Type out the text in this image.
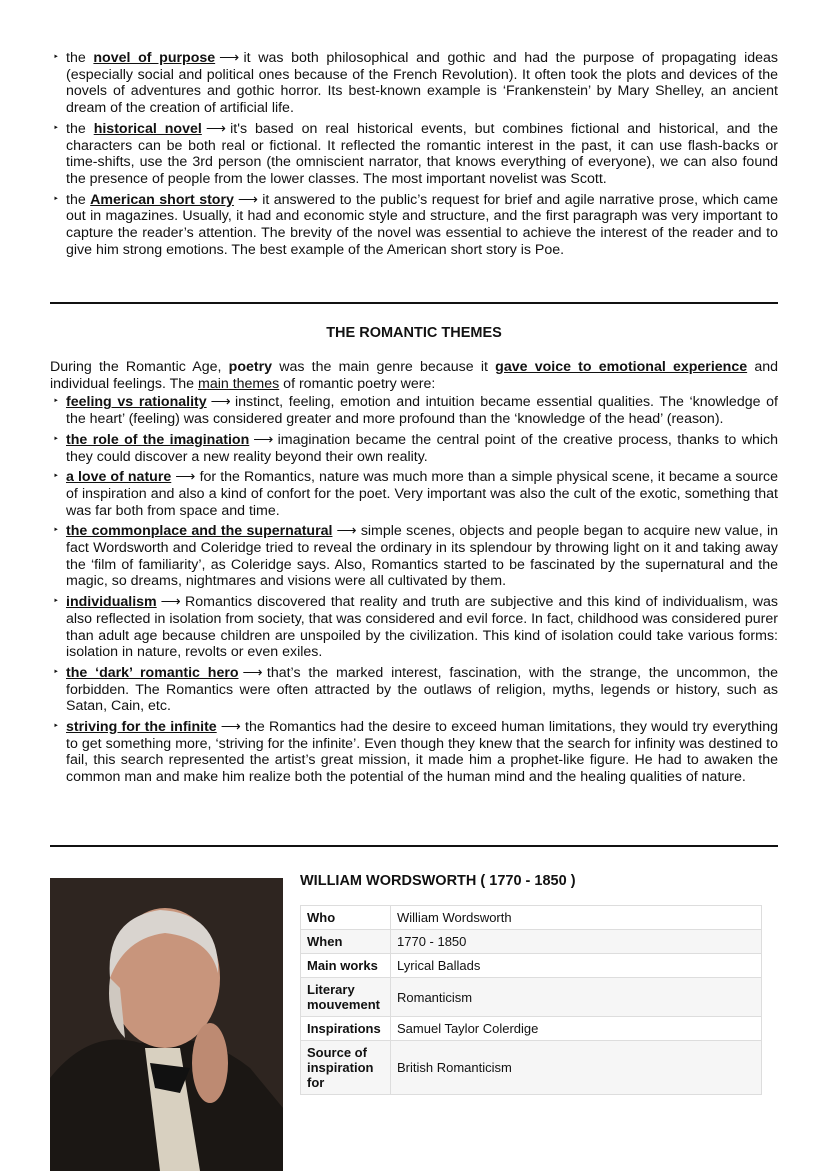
‣ the novel of purpose ⟶ it was both philosophical and gothic and had the purpose of propagating ideas (especially social and political ones because of the French Revolution). It often took the plots and devices of the novels of adventures and gothic horror. Its best-known example is ‘Frankenstein’ by Mary Shelley, an ancient dream of the creation of artificial life.
‣ the historical novel ⟶ it's based on real historical events, but combines fictional and historical, and the characters can be both real or fictional. It reflected the romantic interest in the past, it can use flash-backs or time-shifts, use the 3rd person (the omniscient narrator, that knows everything of everyone), we can also found the presence of people from the lower classes. The most important novelist was Scott.
‣ the American short story ⟶ it answered to the public’s request for brief and agile narrative prose, which came out in magazines. Usually, it had and economic style and structure, and the first paragraph was very important to capture the reader’s attention. The brevity of the novel was essential to achieve the interest of the reader and to give him strong emotions. The best example of the American short story is Poe.
THE ROMANTIC THEMES

During the Romantic Age, poetry was the main genre because it gave voice to emotional experience and individual feelings. The main themes of romantic poetry were:

‣ feeling vs rationality ⟶ instinct, feeling, emotion and intuition became essential qualities. The ‘knowledge of the heart’ (feeling) was considered greater and more profound than the ‘knowledge of the head’ (reason).
‣ the role of the imagination ⟶ imagination became the central point of the creative process, thanks to which they could discover a new reality beyond their own reality.
‣ a love of nature ⟶ for the Romantics, nature was much more than a simple physical scene, it became a source of inspiration and also a kind of confort for the poet. Very important was also the cult of the exotic, something that was far both from space and time.
‣ the commonplace and the supernatural ⟶ simple scenes, objects and people began to acquire new value, in fact Wordsworth and Coleridge tried to reveal the ordinary in its splendour by throwing light on it and taking away the ‘film of familiarity’, as Coleridge says. Also, Romantics started to be fascinated by the supernatural and the magic, so dreams, nightmares and visions were all cultivated by them.
‣ individualism ⟶ Romantics discovered that reality and truth are subjective and this kind of individualism, was also reflected in isolation from society, that was considered and evil force. In fact, childhood was considered purer than adult age because children are unspoiled by the civilization. This kind of isolation could take various forms: isolation in nature, revolts or even exiles.
‣ the ‘dark’ romantic hero ⟶ that’s the marked interest, fascination, with the strange, the uncommon, the forbidden. The Romantics were often attracted by the outlaws of religion, myths, legends or history, such as Satan, Cain, etc.
‣ striving for the infinite ⟶ the Romantics had the desire to exceed human limitations, they would try everything to get something more, ‘striving for the infinite’. Even though they knew that the search for infinity was destined to fail, this search represented the artist’s great mission, it made him a prophet-like figure. He had to awaken the common man and make him realize both the potential of the human mind and the healing qualities of nature.
WILLIAM WORDSWORTH ( 1770 - 1850 )
Who	William Wordsworth
When	1770 - 1850
Main works	Lyrical Ballads
Literary mouvement	Romanticism
Inspirations	Samuel Taylor Colerdige
Source of inspiration for	British Romanticism
